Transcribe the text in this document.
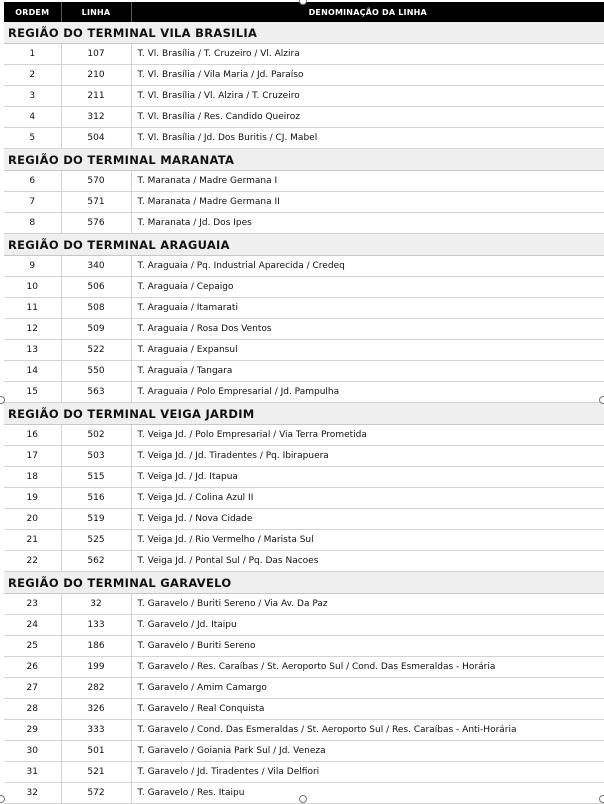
ORDEM	LINHA	DENOMINAÇÃO DA LINHA
REGIÃO DO TERMINAL VILA BRASILIA		
1	107	T. Vl. Brasília / T. Cruzeiro / Vl. Alzira
2	210	T. Vl. Brasília / Vila Maria / Jd. Paraíso
3	211	T. Vl. Brasília / Vl. Alzira / T. Cruzeiro
4	312	T. Vl. Brasília / Res. Candido Queiroz
5	504	T. Vl. Brasília / Jd. Dos Buritis / CJ. Mabel
REGIÃO DO TERMINAL MARANATA		
6	570	T. Maranata / Madre Germana I
7	571	T. Maranata / Madre Germana II
8	576	T. Maranata / Jd. Dos Ipes
REGIÃO DO TERMINAL ARAGUAIA		
9	340	T. Araguaia / Pq. Industrial Aparecida / Credeq
10	506	T. Araguaia / Cepaigo
11	508	T. Araguaia / Itamarati
12	509	T. Araguaia / Rosa Dos Ventos
13	522	T. Araguaia / Expansul
14	550	T. Araguaia / Tangara
15	563	T. Araguaia / Polo Empresarial / Jd. Pampulha
REGIÃO DO TERMINAL VEIGA JARDIM		
16	502	T. Veiga Jd. / Polo Empresarial / Via Terra Prometida
17	503	T. Veiga Jd. / Jd. Tiradentes / Pq. Ibirapuera
18	515	T. Veiga Jd. / Jd. Itapua
19	516	T. Veiga Jd. / Colina Azul II
20	519	T. Veiga Jd. / Nova Cidade
21	525	T. Veiga Jd. / Rio Vermelho / Marista Sul
22	562	T. Veiga Jd. / Pontal Sul / Pq. Das Nacoes
REGIÃO DO TERMINAL GARAVELO		
23	32	T. Garavelo / Buriti Sereno / Via Av. Da Paz
24	133	T. Garavelo / Jd. Itaipu
25	186	T. Garavelo / Buriti Sereno
26	199	T. Garavelo / Res. Caraíbas / St. Aeroporto Sul / Cond. Das Esmeraldas - Horária
27	282	T. Garavelo / Amim Camargo
28	326	T. Garavelo / Real Conquista
29	333	T. Garavelo / Cond. Das Esmeraldas / St. Aeroporto Sul / Res. Caraíbas - Anti-Horária
30	501	T. Garavelo / Goiania Park Sul / Jd. Veneza
31	521	T. Garavelo / Jd. Tiradentes / Vila Delfiori
32	572	T. Garavelo / Res. Itaipu
